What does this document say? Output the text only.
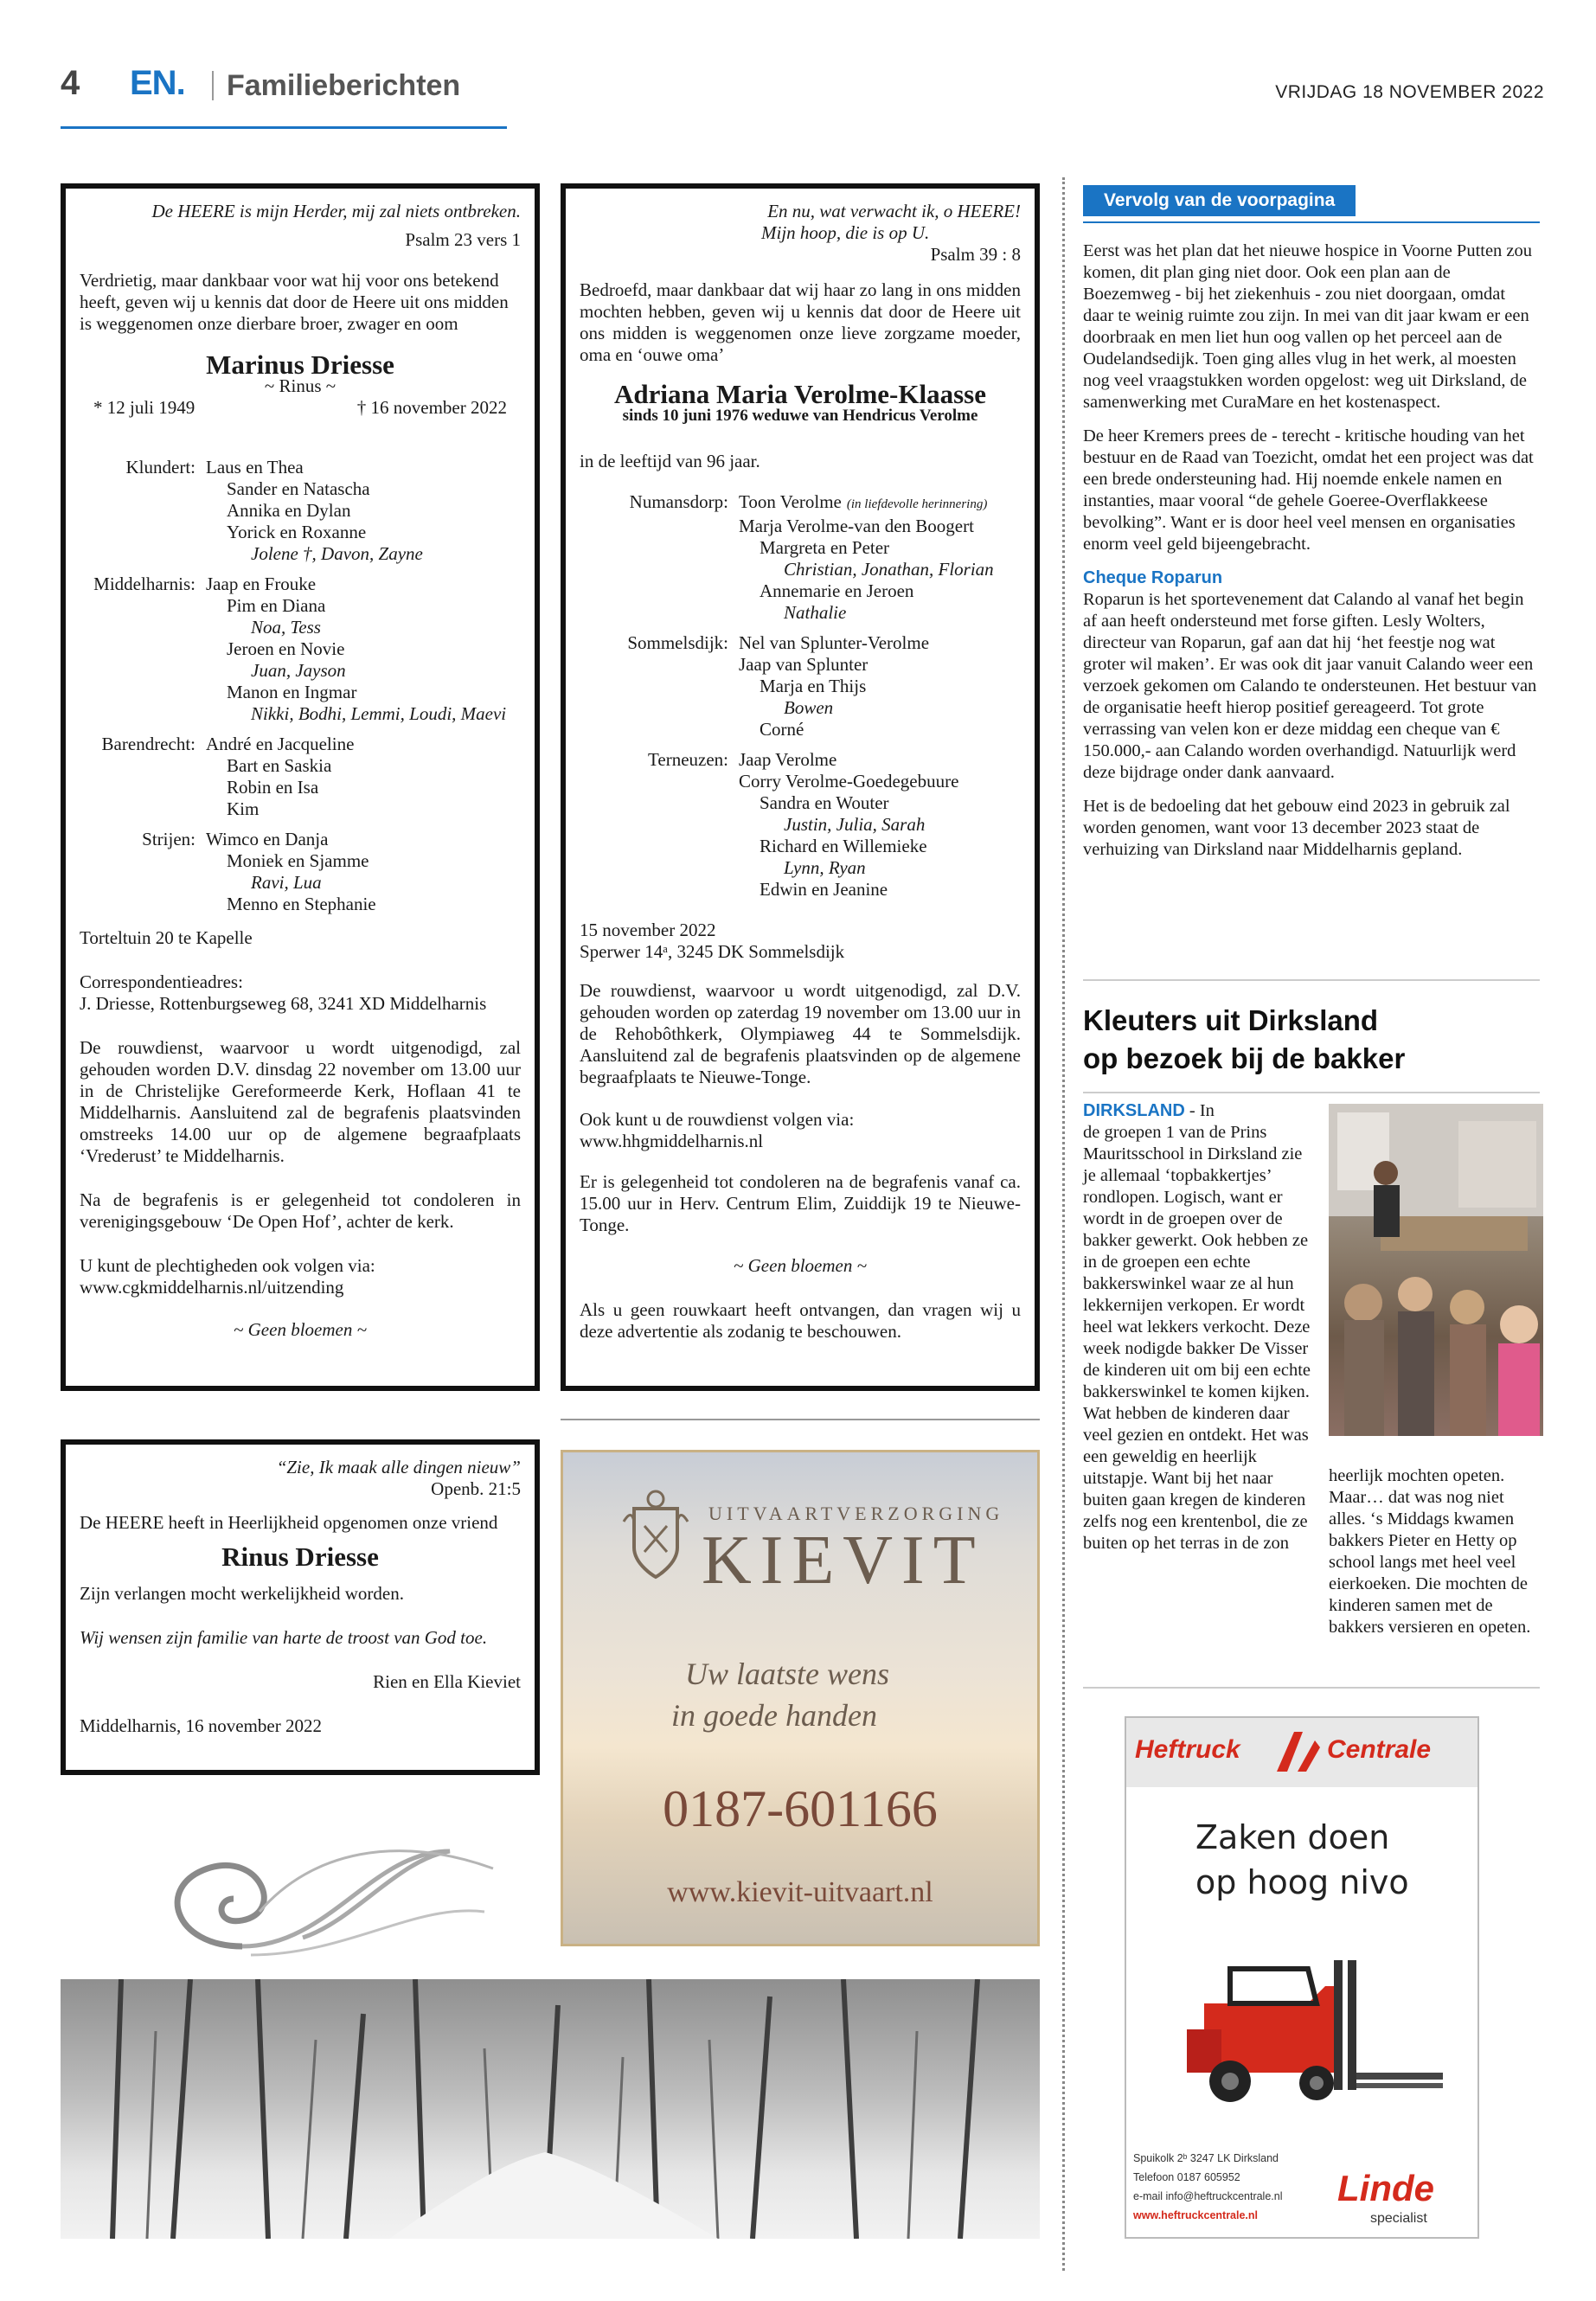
4 EN. Familieberichten	VRIJDAG 18 NOVEMBER 2022
De HEERE is mijn Herder, mij zal niets ontbreken.
Psalm 23 vers 1
Verdrietig, maar dankbaar voor wat hij voor ons betekend heeft, geven wij u kennis dat door de Heere uit ons midden is weggenomen onze dierbare broer, zwager en oom
Marinus Driesse
~ Rinus ~
* 12 juli 1949	† 16 november 2022
Klundert: Laus en Thea
Sander en Natascha
Annika en Dylan
Yorick en Roxanne
Jolene †, Davon, Zayne
Middelharnis: Jaap en Frouke
Pim en Diana
Noa, Tess
Jeroen en Novie
Juan, Jayson
Manon en Ingmar
Nikki, Bodhi, Lemmi, Loudi, Maevi
Barendrecht: André en Jacqueline
Bart en Saskia
Robin en Isa
Kim
Strijen: Wimco en Danja
Moniek en Sjamme
Ravi, Lua
Menno en Stephanie
Torteltuin 20 te Kapelle
Correspondentieadres:
J. Driesse, Rottenburgseweg 68, 3241 XD Middelharnis
De rouwdienst, waarvoor u wordt uitgenodigd, zal gehouden worden D.V. dinsdag 22 november om 13.00 uur in de Christelijke Gereformeerde Kerk, Hoflaan 41 te Middelharnis. Aansluitend zal de begrafenis plaatsvinden omstreeks 14.00 uur op de algemene begraafplaats ‘Vrederust’ te Middelharnis.
Na de begrafenis is er gelegenheid tot condoleren in verenigingsgebouw ‘De Open Hof’, achter de kerk.
U kunt de plechtigheden ook volgen via:
www.cgkmiddelharnis.nl/uitzending
~ Geen bloemen ~
En nu, wat verwacht ik, o HEERE!
Mijn hoop, die is op U.
Psalm 39 : 8
Bedroefd, maar dankbaar dat wij haar zo lang in ons midden mochten hebben, geven wij u kennis dat door de Heere uit ons midden is weggenomen onze lieve zorgzame moeder, oma en ‘ouwe oma’
Adriana Maria Verolme-Klaasse
sinds 10 juni 1976 weduwe van Hendricus Verolme
in de leeftijd van 96 jaar.
Numansdorp: Toon Verolme (in liefdevolle herinnering)
Marja Verolme-van den Boogert
Margreta en Peter
Christian, Jonathan, Florian
Annemarie en Jeroen
Nathalie
Sommelsdijk: Nel van Splunter-Verolme
Jaap van Splunter
Marja en Thijs
Bowen
Corné
Terneuzen: Jaap Verolme
Corry Verolme-Goedegebuure
Sandra en Wouter
Justin, Julia, Sarah
Richard en Willemieke
Lynn, Ryan
Edwin en Jeanine
15 november 2022
Sperwer 14ᵃ, 3245 DK Sommelsdijk
De rouwdienst, waarvoor u wordt uitgenodigd, zal D.V. gehouden worden op zaterdag 19 november om 13.00 uur in de Rehobôthkerk, Olympiaweg 44 te Sommelsdijk. Aansluitend zal de begrafenis plaatsvinden op de algemene begraafplaats te Nieuwe-Tonge.
Ook kunt u de rouwdienst volgen via:
www.hhgmiddelharnis.nl
Er is gelegenheid tot condoleren na de begrafenis vanaf ca. 15.00 uur in Herv. Centrum Elim, Zuiddijk 19 te Nieuwe-Tonge.
~ Geen bloemen ~
Als u geen rouwkaart heeft ontvangen, dan vragen wij u deze advertentie als zodanig te beschouwen.
“Zie, Ik maak alle dingen nieuw”
Openb. 21:5
De HEERE heeft in Heerlijkheid opgenomen onze vriend
Rinus Driesse
Zijn verlangen mocht werkelijkheid worden.
Wij wensen zijn familie van harte de troost van God toe.
Rien en Ella Kieviet
Middelharnis, 16 november 2022
UITVAARTVERZORGING
KIEVIT
Uw laatste wens
in goede handen
0187-601166
www.kievit-uitvaart.nl
Vervolg van de voorpagina
Eerst was het plan dat het nieuwe hospice in Voorne Putten zou komen, dit plan ging niet door. Ook een plan aan de Boezemweg - bij het ziekenhuis - zou niet doorgaan, omdat daar te weinig ruimte zou zijn. In mei van dit jaar kwam er een doorbraak en men liet hun oog vallen op het perceel aan de Oudelandsedijk. Toen ging alles vlug in het werk, al moesten nog veel vraagstukken worden opgelost: weg uit Dirksland, de samenwerking met CuraMare en het kostenaspect.
De heer Kremers prees de - terecht - kritische houding van het bestuur en de Raad van Toezicht, omdat het een project was dat een brede ondersteuning had. Hij noemde enkele namen en instanties, maar vooral “de gehele Goeree-Overflakkeese bevolking”. Want er is door heel veel mensen en organisaties enorm veel geld bijeengebracht.
Cheque Roparun
Roparun is het sportevenement dat Calando al vanaf het begin af aan heeft ondersteund met forse giften. Lesly Wolters, directeur van Roparun, gaf aan dat hij ‘het feestje nog wat groter wil maken’. Er was ook dit jaar vanuit Calando weer een verzoek gekomen om Calando te ondersteunen. Het bestuur van de organisatie heeft hierop positief gereageerd. Tot grote verrassing van velen kon er deze middag een cheque van € 150.000,- aan Calando worden overhandigd. Natuurlijk werd deze bijdrage onder dank aanvaard.
Het is de bedoeling dat het gebouw eind 2023 in gebruik zal worden genomen, want voor 13 december 2023 staat de verhuizing van Dirksland naar Middelharnis gepland.
Kleuters uit Dirksland
op bezoek bij de bakker
DIRKSLAND - In
de groepen 1 van de Prins Mauritsschool in Dirksland zie je allemaal ‘topbakkertjes’ rondlopen. Logisch, want er wordt in de groepen over de bakker gewerkt. Ook hebben ze in de groepen een echte bakkerswinkel waar ze al hun lekkernijen verkopen. Er wordt heel wat lekkers verkocht. Deze week nodigde bakker De Visser de kinderen uit om bij een echte bakkerswinkel te komen kijken. Wat hebben de kinderen daar veel gezien en ontdekt. Het was een geweldig en heerlijk uitstapje. Want bij het naar buiten gaan kregen de kinderen zelfs nog een krentenbol, die ze buiten op het terras in de zon
heerlijk mochten opeten. Maar… dat was nog niet alles. ‘s Middags kwamen bakkers Pieter en Hetty op school langs met heel veel eierkoeken. Die mochten de kinderen samen met de bakkers versieren en opeten.
Heftruck	Centrale
Zaken doen
op hoog nivo
Spuikolk 2ᵇ 3247 LK Dirksland
Telefoon 0187 605952
e-mail info@heftruckcentrale.nl
www.heftruckcentrale.nl
Linde
specialist
